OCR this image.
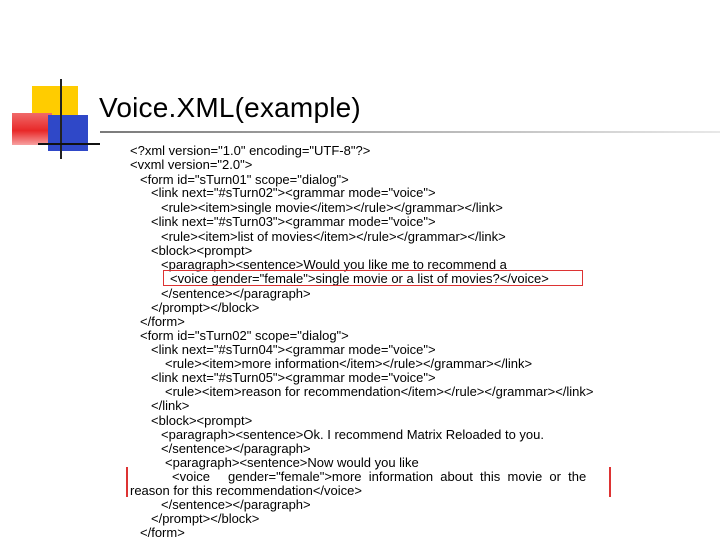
Voice.XML(example)
<?xml version="1.0" encoding="UTF-8"?>
<vxml version="2.0">
<form id="sTurn01" scope="dialog">
<link next="#sTurn02"><grammar mode="voice">
<rule><item>single movie</item></rule></grammar></link>
<link next="#sTurn03"><grammar mode="voice">
<rule><item>list of movies</item></rule></grammar></link>
<block><prompt>
<paragraph><sentence>Would you like me to recommend a
<voice gender="female">single movie or a list of movies?</voice>
</sentence></paragraph>
</prompt></block>
</form>
<form id="sTurn02" scope="dialog">
<link next="#sTurn04"><grammar mode="voice">
<rule><item>more information</item></rule></grammar></link>
<link next="#sTurn05"><grammar mode="voice">
<rule><item>reason for recommendation</item></rule></grammar></link>
</link>
<block><prompt>
<paragraph><sentence>Ok. I recommend Matrix Reloaded to you.
</sentence></paragraph>
<paragraph><sentence>Now would you like
<voice     gender="female">more  information  about  this  movie  or  the
reason for this recommendation</voice>
</sentence></paragraph>
</prompt></block>
</form>
